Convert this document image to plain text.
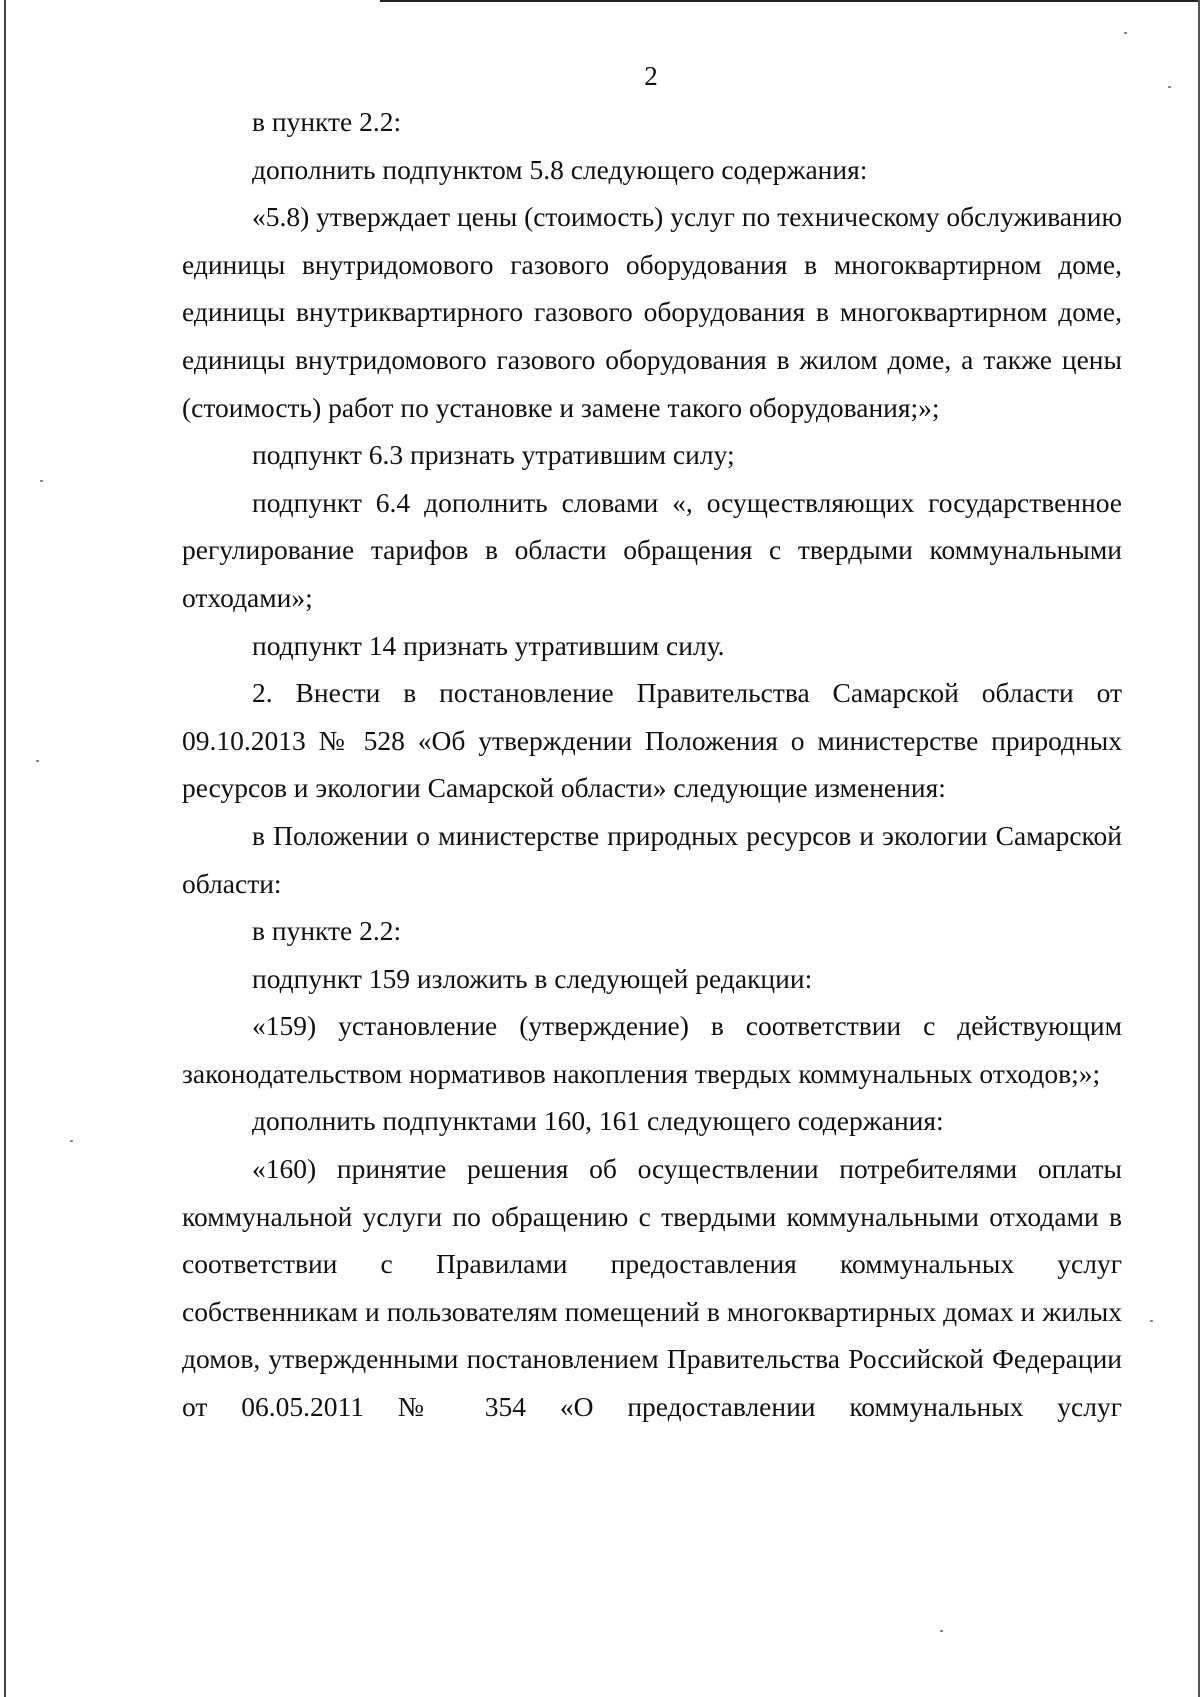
2

в пункте 2.2:

дополнить подпунктом 5.8 следующего содержания:

«5.8) утверждает цены (стоимость) услуг по техническому обслуживанию единицы внутридомового газового оборудования в многоквартирном доме, единицы внутриквартирного газового оборудования в многоквартирном доме, единицы внутридомового газового оборудования в жилом доме, а также цены (стоимость) работ по установке и замене такого оборудования;»;

подпункт 6.3 признать утратившим силу;

подпункт 6.4 дополнить словами «, осуществляющих государственное регулирование тарифов в области обращения с твердыми коммунальными отходами»;

подпункт 14 признать утратившим силу.

2. Внести в постановление Правительства Самарской области от 09.10.2013 № 528 «Об утверждении Положения о министерстве природных ресурсов и экологии Самарской области» следующие изменения:

в Положении о министерстве природных ресурсов и экологии Самарской области:

в пункте 2.2:

подпункт 159 изложить в следующей редакции:

«159) установление (утверждение) в соответствии с действующим законодательством нормативов накопления твердых коммунальных отходов;»;

дополнить подпунктами 160, 161 следующего содержания:

«160) принятие решения об осуществлении потребителями оплаты коммунальной услуги по обращению с твердыми коммунальными отходами в соответствии с Правилами предоставления коммунальных услуг собственникам и пользователям помещений в многоквартирных домах и жилых домов, утвержденными постановлением Правительства Российской Федерации от 06.05.2011 № 354 «О предоставлении коммунальных услуг
